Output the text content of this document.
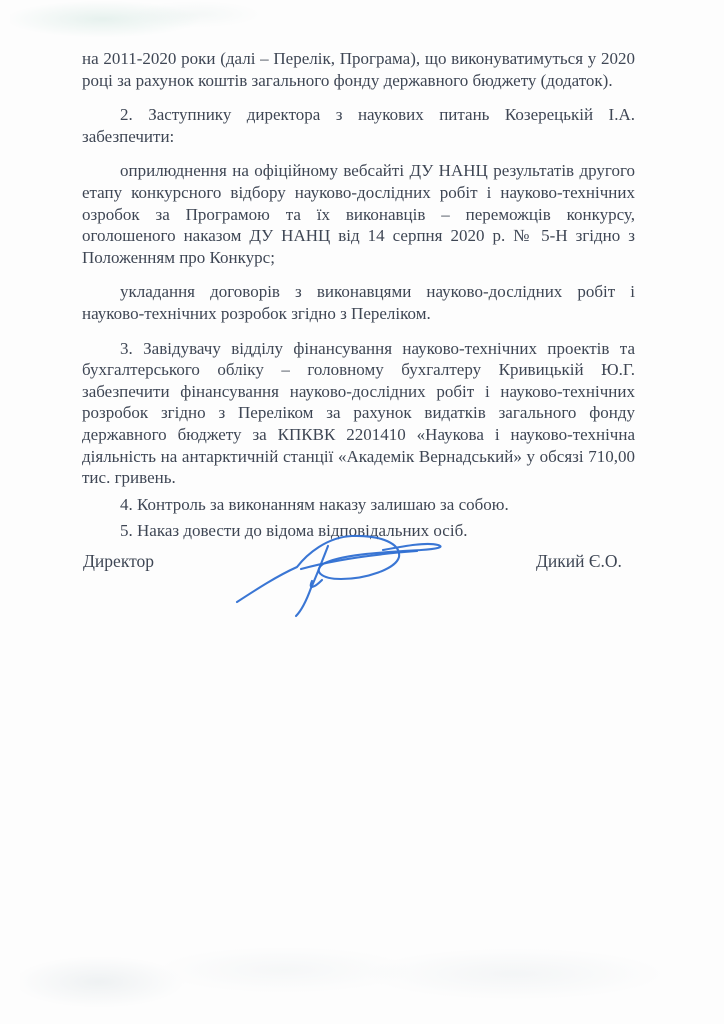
на 2011-2020 роки (далі – Перелік, Програма), що виконуватимуться у 2020 році за рахунок коштів загального фонду державного бюджету (додаток).

2. Заступнику директора з наукових питань Козерецькій І.А. забезпечити:

оприлюднення на офіційному вебсайті ДУ НАНЦ результатів другого етапу конкурсного відбору науково-дослідних робіт і науково-технічних озробок за Програмою та їх виконавців – переможців конкурсу, оголошеного наказом ДУ НАНЦ від 14 серпня 2020 р. № 5-Н згідно з Положенням про Конкурс;

укладання договорів з виконавцями науково-дослідних робіт і науково-технічних розробок згідно з Переліком.

3. Завідувачу відділу фінансування науково-технічних проектів та бухгалтерського обліку – головному бухгалтеру Кривицькій Ю.Г. забезпечити фінансування науково-дослідних робіт і науково-технічних розробок згідно з Переліком за рахунок видатків загального фонду державного бюджету за КПКВК 2201410 «Наукова і науково-технічна діяльність на антарктичній станції «Академік Вернадський» у обсязі 710,00 тис. гривень.

4. Контроль за виконанням наказу залишаю за собою.

5. Наказ довести до відома відповідальних осіб.

Директор	Дикий Є.О.
